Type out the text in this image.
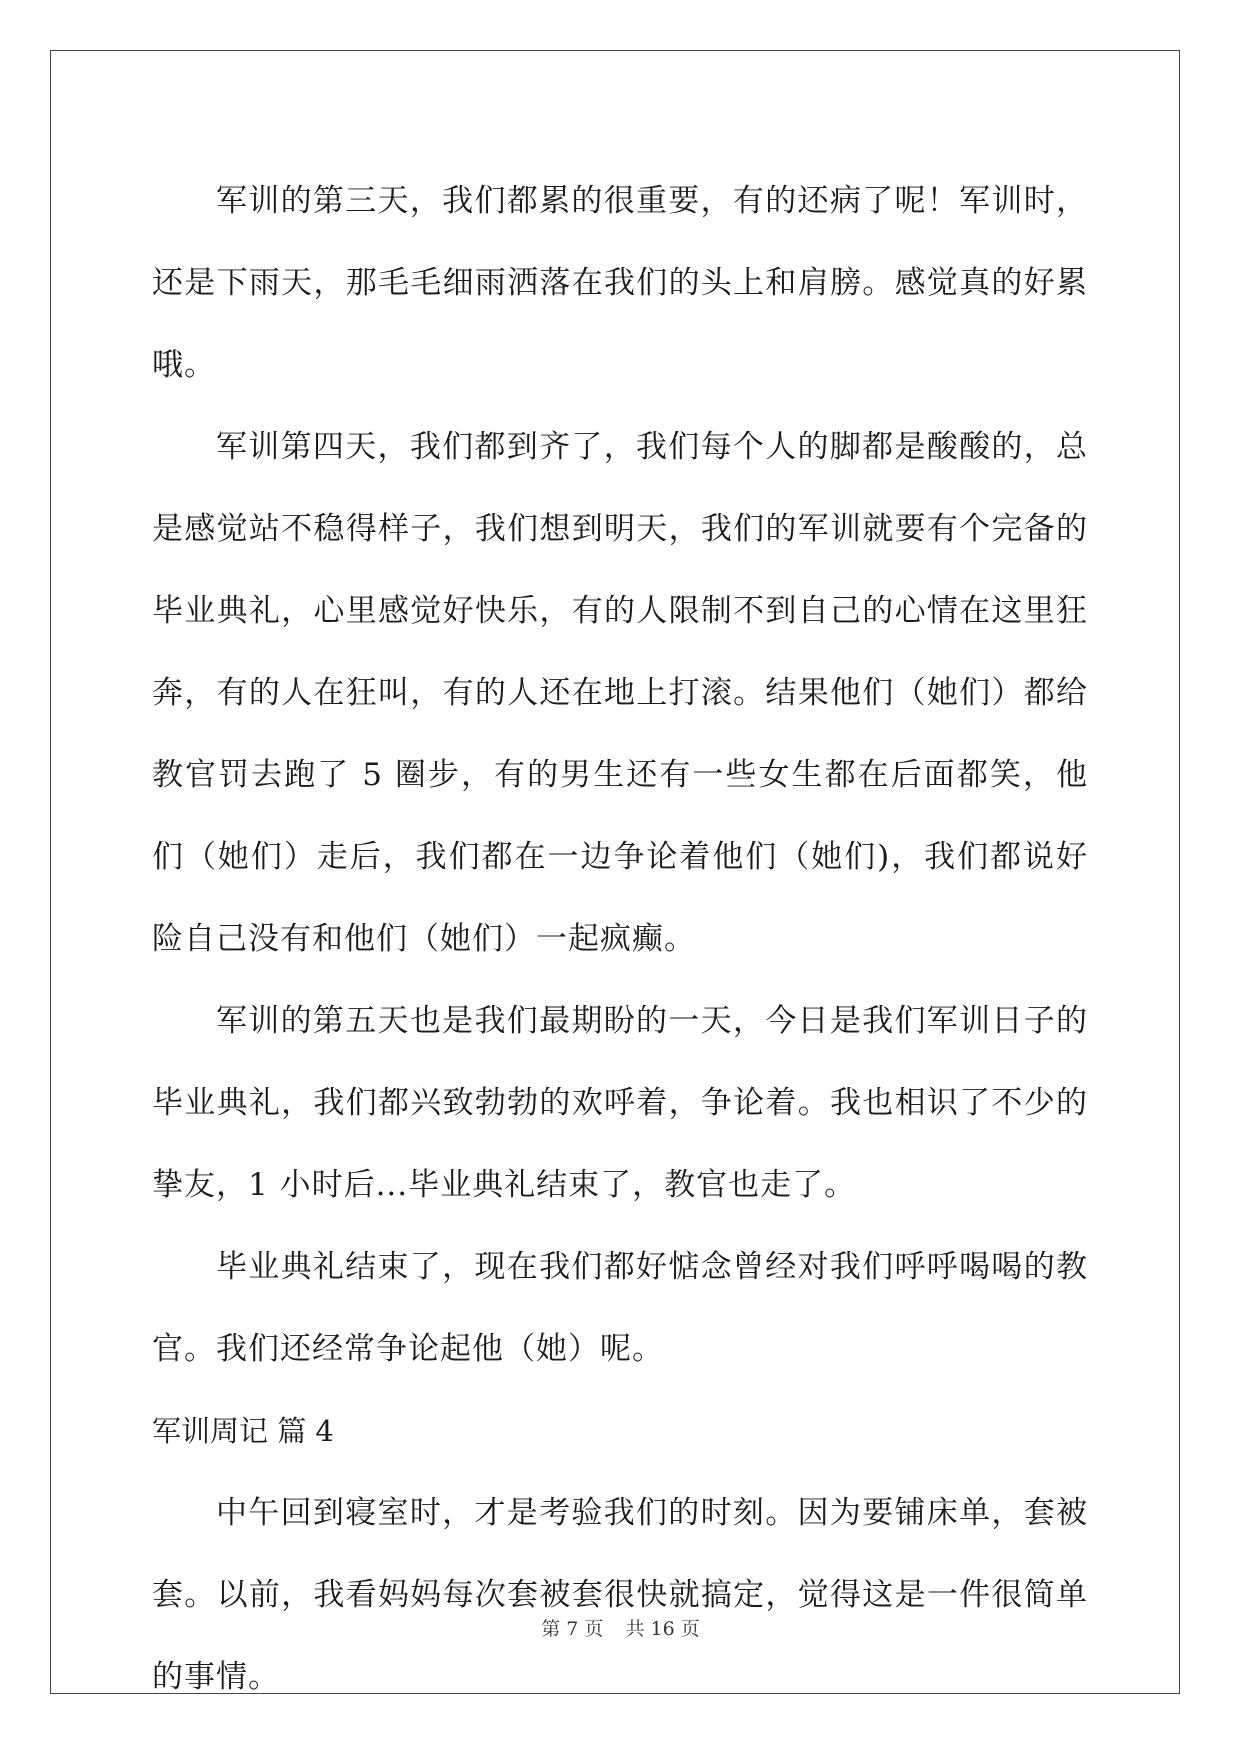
军训的第三天，我们都累的很重要，有的还病了呢！军训时，还是下雨天，那毛毛细雨洒落在我们的头上和肩膀。感觉真的好累哦。

军训第四天，我们都到齐了，我们每个人的脚都是酸酸的，总是感觉站不稳得样子，我们想到明天，我们的军训就要有个完备的毕业典礼，心里感觉好快乐，有的人限制不到自己的心情在这里狂奔，有的人在狂叫，有的人还在地上打滚。结果他们（她们）都给教官罚去跑了 5 圈步，有的男生还有一些女生都在后面都笑，他们（她们）走后，我们都在一边争论着他们（她们)，我们都说好险自己没有和他们（她们）一起疯癫。

军训的第五天也是我们最期盼的一天，今日是我们军训日子的毕业典礼，我们都兴致勃勃的欢呼着，争论着。我也相识了不少的挚友，1 小时后...毕业典礼结束了，教官也走了。

毕业典礼结束了，现在我们都好惦念曾经对我们呼呼喝喝的教官。我们还经常争论起他（她）呢。

军训周记 篇 4

中午回到寝室时，才是考验我们的时刻。因为要铺床单，套被套。以前，我看妈妈每次套被套很快就搞定，觉得这是一件很简单的事情。

第 7 页 共 16 页
